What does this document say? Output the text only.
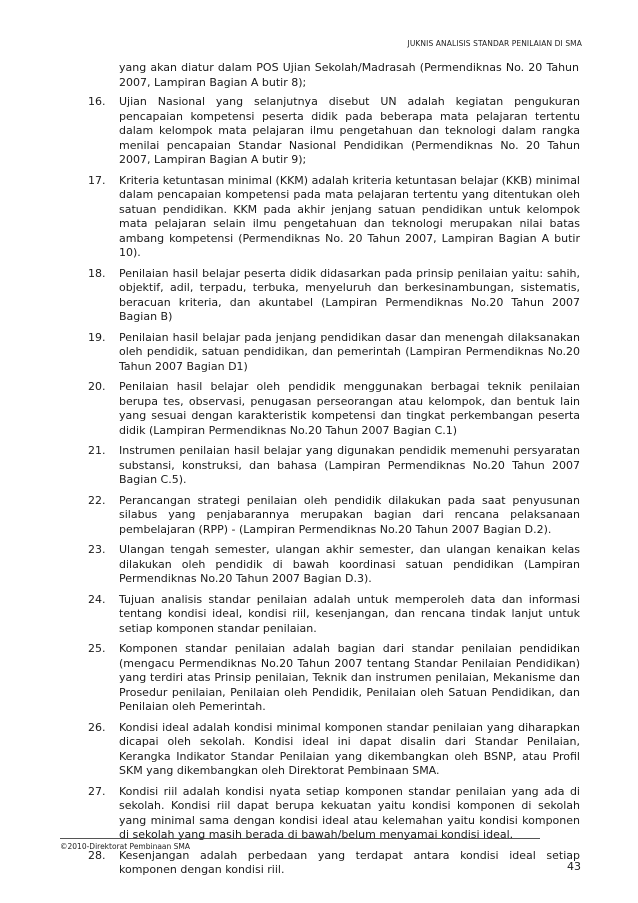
JUKNIS ANALISIS STANDAR PENILAIAN DI SMA

yang akan diatur dalam POS Ujian Sekolah/Madrasah (Permendiknas No. 20 Tahun 2007, Lampiran Bagian A butir 8);

16.	Ujian Nasional yang selanjutnya disebut UN adalah kegiatan pengukuran pencapaian kompetensi peserta didik pada beberapa mata pelajaran tertentu dalam kelompok mata pelajaran ilmu pengetahuan dan teknologi dalam rangka menilai pencapaian Standar Nasional Pendidikan (Permendiknas No. 20 Tahun 2007, Lampiran Bagian A butir 9);

17.	Kriteria ketuntasan minimal (KKM) adalah kriteria ketuntasan belajar (KKB) minimal dalam pencapaian kompetensi pada mata pelajaran tertentu yang ditentukan oleh satuan pendidikan. KKM pada akhir jenjang satuan pendidikan untuk kelompok mata pelajaran selain ilmu pengetahuan dan teknologi merupakan nilai batas ambang kompetensi (Permendiknas No. 20 Tahun 2007, Lampiran Bagian A butir 10).

18.	Penilaian hasil belajar peserta didik didasarkan pada prinsip penilaian yaitu: sahih, objektif, adil, terpadu, terbuka, menyeluruh dan berkesinambungan, sistematis, beracuan kriteria, dan akuntabel (Lampiran Permendiknas No.20 Tahun 2007 Bagian B)

19.	Penilaian hasil belajar pada jenjang pendidikan dasar dan menengah dilaksanakan oleh pendidik, satuan pendidikan, dan pemerintah (Lampiran Permendiknas No.20 Tahun 2007 Bagian D1)

20.	Penilaian hasil belajar oleh pendidik menggunakan berbagai teknik penilaian berupa tes, observasi, penugasan perseorangan atau kelompok, dan bentuk lain yang sesuai dengan karakteristik kompetensi dan tingkat perkembangan peserta didik (Lampiran Permendiknas No.20 Tahun 2007 Bagian C.1)

21.	Instrumen penilaian hasil belajar yang digunakan pendidik memenuhi persyaratan substansi, konstruksi, dan bahasa (Lampiran Permendiknas No.20 Tahun 2007 Bagian C.5).

22.	Perancangan strategi penilaian oleh pendidik dilakukan pada saat penyusunan silabus yang penjabarannya merupakan bagian dari rencana pelaksanaan pembelajaran (RPP) - (Lampiran Permendiknas No.20 Tahun 2007 Bagian D.2).

23.	Ulangan tengah semester, ulangan akhir semester, dan ulangan kenaikan kelas dilakukan oleh pendidik di bawah koordinasi satuan pendidikan (Lampiran Permendiknas No.20 Tahun 2007 Bagian D.3).

24.	Tujuan analisis standar penilaian adalah untuk memperoleh data dan informasi tentang kondisi ideal, kondisi riil, kesenjangan, dan rencana tindak lanjut untuk setiap komponen standar penilaian.

25.	Komponen standar penilaian adalah bagian dari standar penilaian pendidikan (mengacu Permendiknas No.20 Tahun 2007 tentang Standar Penilaian Pendidikan) yang terdiri atas Prinsip penilaian, Teknik dan instrumen penilaian, Mekanisme dan Prosedur penilaian, Penilaian oleh Pendidik, Penilaian oleh Satuan Pendidikan, dan Penilaian oleh Pemerintah.

26.	Kondisi ideal adalah kondisi minimal komponen standar penilaian yang diharapkan dicapai oleh sekolah. Kondisi ideal ini dapat disalin dari Standar Penilaian, Kerangka Indikator Standar Penilaian yang dikembangkan oleh BSNP, atau Profil SKM yang dikembangkan oleh Direktorat Pembinaan SMA.

27.	Kondisi riil adalah kondisi nyata setiap komponen standar penilaian yang ada di sekolah. Kondisi riil dapat berupa kekuatan yaitu kondisi komponen di sekolah yang minimal sama dengan kondisi ideal atau kelemahan yaitu kondisi komponen di sekolah yang masih berada di bawah/belum menyamai kondisi ideal.

28.	Kesenjangan adalah perbedaan yang terdapat antara kondisi ideal setiap komponen dengan kondisi riil.

©2010-Direktorat Pembinaan SMA
43
